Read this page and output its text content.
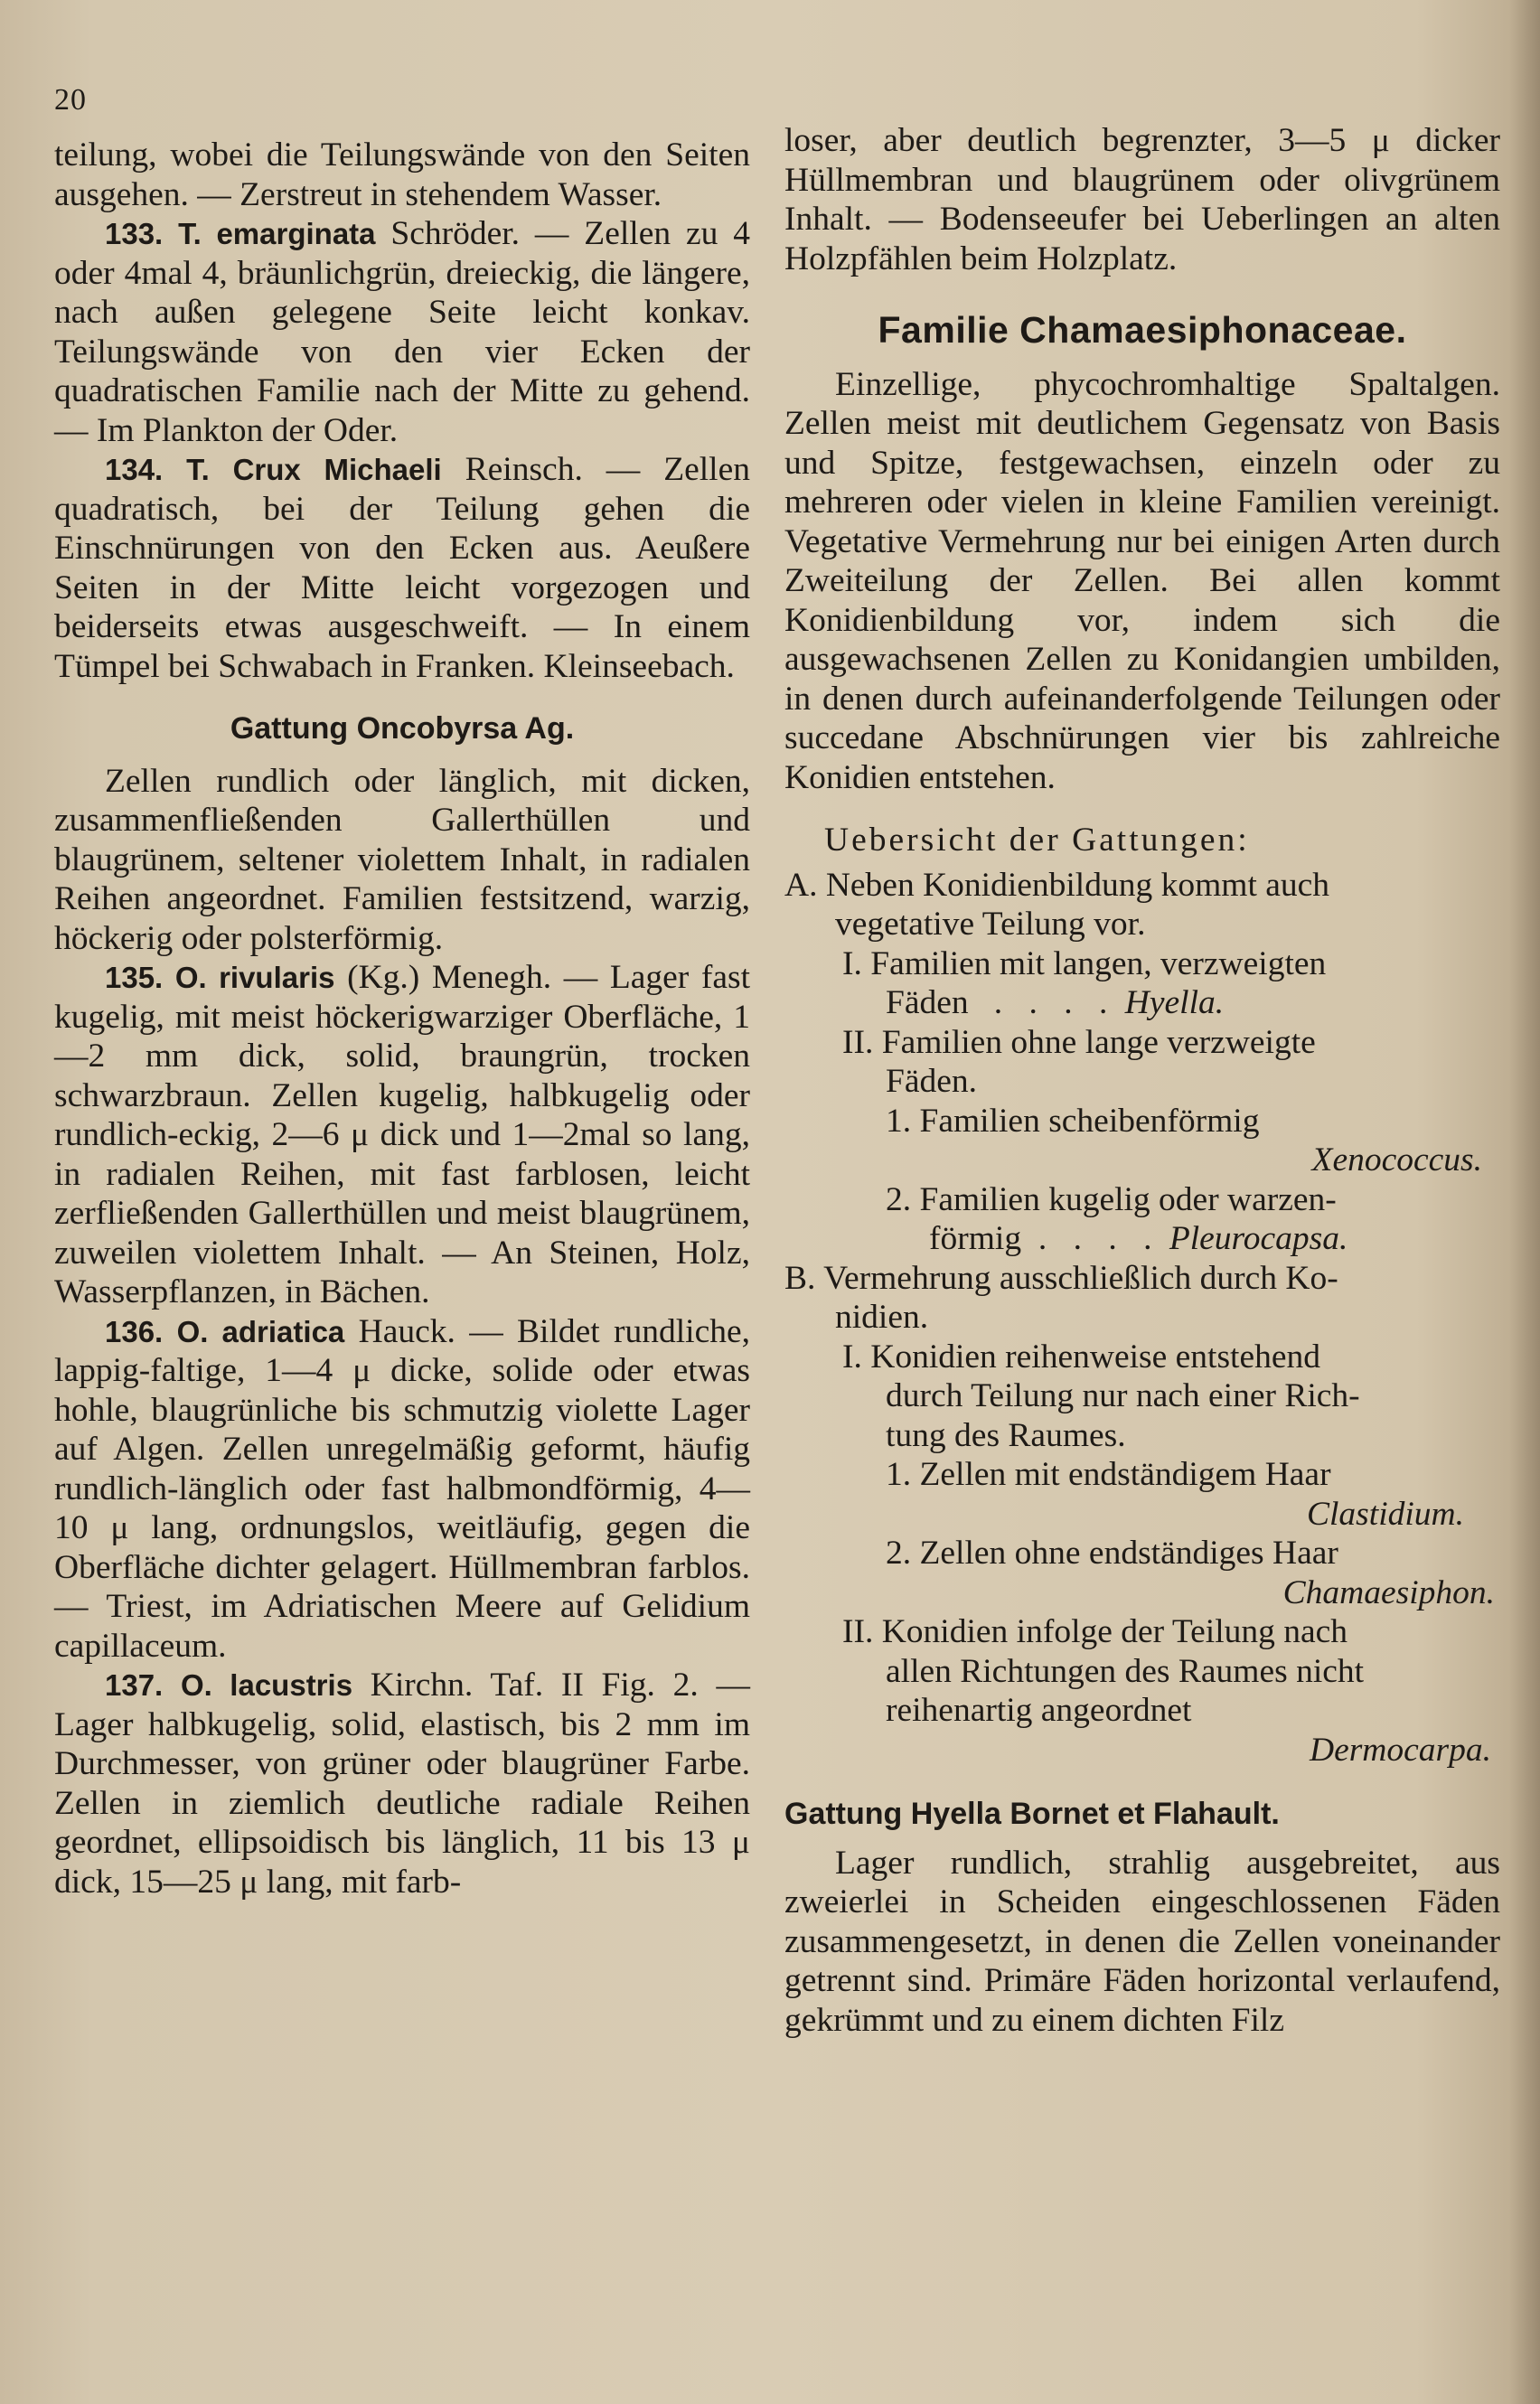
20

teilung, wobei die Teilungswände von den Seiten ausgehen. — Zerstreut in stehendem Wasser.

133. T. emarginata Schröder. — Zellen zu 4 oder 4mal 4, bräunlichgrün, dreieckig, die längere, nach außen gelegene Seite leicht konkav. Teilungswände von den vier Ecken der quadratischen Familie nach der Mitte zu gehend. — Im Plankton der Oder.

134. T. Crux Michaeli Reinsch. — Zellen quadratisch, bei der Teilung gehen die Einschnürungen von den Ecken aus. Aeußere Seiten in der Mitte leicht vorgezogen und beiderseits etwas ausgeschweift. — In einem Tümpel bei Schwabach in Franken. Kleinseebach.

Gattung Oncobyrsa Ag.

Zellen rundlich oder länglich, mit dicken, zusammenfließenden Gallerthüllen und blaugrünem, seltener violettem Inhalt, in radialen Reihen angeordnet. Familien festsitzend, warzig, höckerig oder polsterförmig.

135. O. rivularis (Kg.) Menegh. — Lager fast kugelig, mit meist höckerigwarziger Oberfläche, 1—2 mm dick, solid, braungrün, trocken schwarzbraun. Zellen kugelig, halbkugelig oder rundlich-eckig, 2—6 μ dick und 1—2mal so lang, in radialen Reihen, mit fast farblosen, leicht zerfließenden Gallerthüllen und meist blaugrünem, zuweilen violettem Inhalt. — An Steinen, Holz, Wasserpflanzen, in Bächen.

136. O. adriatica Hauck. — Bildet rundliche, lappig-faltige, 1—4 μ dicke, solide oder etwas hohle, blaugrünliche bis schmutzig violette Lager auf Algen. Zellen unregelmäßig geformt, häufig rundlich-länglich oder fast halbmondförmig, 4—10 μ lang, ordnungslos, weitläufig, gegen die Oberfläche dichter gelagert. Hüllmembran farblos. — Triest, im Adriatischen Meere auf Gelidium capillaceum.

137. O. lacustris Kirchn. Taf. II Fig. 2. — Lager halbkugelig, solid, elastisch, bis 2 mm im Durchmesser, von grüner oder blaugrüner Farbe. Zellen in ziemlich deutliche radiale Reihen geordnet, ellipsoidisch bis länglich, 11 bis 13 μ dick, 15—25 μ lang, mit farb-

loser, aber deutlich begrenzter, 3—5 μ dicker Hüllmembran und blaugrünem oder olivgrünem Inhalt. — Bodenseeufer bei Ueberlingen an alten Holzpfählen beim Holzplatz.

Familie Chamaesiphonaceae.

Einzellige, phycochromhaltige Spaltalgen. Zellen meist mit deutlichem Gegensatz von Basis und Spitze, festgewachsen, einzeln oder zu mehreren oder vielen in kleine Familien vereinigt. Vegetative Vermehrung nur bei einigen Arten durch Zweiteilung der Zellen. Bei allen kommt Konidienbildung vor, indem sich die ausgewachsenen Zellen zu Konidangien umbilden, in denen durch aufeinanderfolgende Teilungen oder succedane Abschnürungen vier bis zahlreiche Konidien entstehen.

Uebersicht der Gattungen:
A. Neben Konidienbildung kommt auch
vegetative Teilung vor.
I. Familien mit langen, verzweigten
Fäden . . . . Hyella.
II. Familien ohne lange verzweigte
Fäden.
1. Familien scheibenförmig
Xenococcus.
2. Familien kugelig oder warzen-
förmig . . . . Pleurocapsa.
B. Vermehrung ausschließlich durch Ko-
nidien.
I. Konidien reihenweise entstehend
durch Teilung nur nach einer Rich-
tung des Raumes.
1. Zellen mit endständigem Haar
Clastidium.
2. Zellen ohne endständiges Haar
Chamaesiphon.
II. Konidien infolge der Teilung nach
allen Richtungen des Raumes nicht
reihenartig angeordnet
Dermocarpa.
Gattung Hyella Bornet et Flahault.

Lager rundlich, strahlig ausgebreitet, aus zweierlei in Scheiden eingeschlossenen Fäden zusammengesetzt, in denen die Zellen voneinander getrennt sind. Primäre Fäden horizontal verlaufend, gekrümmt und zu einem dichten Filz
